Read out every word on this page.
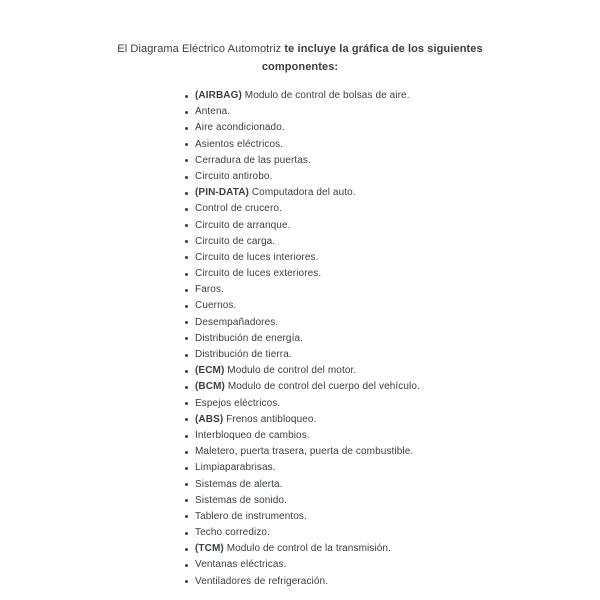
El Diagrama Eléctrico Automotriz te incluye la gráfica de los siguientes
componentes:
(AIRBAG) Modulo de control de bolsas de aire.
Antena.
Aire acondicionado.
Asientos eléctricos.
Cerradura de las puertas.
Circuito antirobo.
(PIN-DATA) Computadora del auto.
Control de crucero.
Circuito de arranque.
Circuito de carga.
Circuito de luces interiores.
Circuito de luces exteriores.
Faros.
Cuernos.
Desempañadores.
Distribución de energía.
Distribución de tierra.
(ECM) Modulo de control del motor.
(BCM) Modulo de control del cuerpo del vehículo.
Espejos eléctricos.
(ABS) Frenos antibloqueo.
Interbloqueo de cambios.
Maletero, puerta trasera, puerta de combustible.
Limpiaparabrisas.
Sistemas de alerta.
Sistemas de sonido.
Tablero de instrumentos.
Techo corredizo.
(TCM) Modulo de control de la transmisión.
Ventanas eléctricas.
Ventiladores de refrigeración.
